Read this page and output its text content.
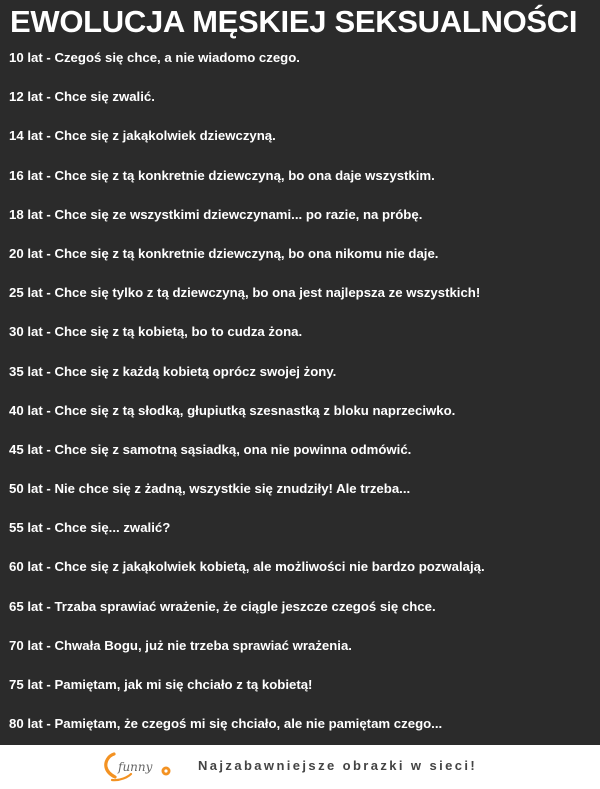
EWOLUCJA MĘSKIEJ SEKSUALNOŚCI
10 lat - Czegoś się chce, a nie wiadomo czego.
12 lat - Chce się zwalić.
14 lat - Chce się z jakąkolwiek dziewczyną.
16 lat - Chce się z tą konkretnie dziewczyną, bo ona daje wszystkim.
18 lat - Chce się ze wszystkimi dziewczynami... po razie, na próbę.
20 lat - Chce się z tą konkretnie dziewczyną, bo ona nikomu nie daje.
25 lat - Chce się tylko z tą dziewczyną, bo ona jest najlepsza ze wszystkich!
30 lat - Chce się z tą kobietą, bo to cudza żona.
35 lat - Chce się z każdą kobietą oprócz swojej żony.
40 lat - Chce się z tą słodką, głupiutką szesnastką z bloku naprzeciwko.
45 lat - Chce się z samotną sąsiadką, ona nie powinna odmówić.
50 lat - Nie chce się z żadną, wszystkie się znudziły! Ale trzeba...
55 lat - Chce się... zwalić?
60 lat - Chce się z jakąkolwiek kobietą, ale możliwości nie bardzo pozwalają.
65 lat - Trzaba sprawiać wrażenie, że ciągle jeszcze czegoś się chce.
70 lat - Chwała Bogu, już nie trzeba sprawiać wrażenia.
75 lat - Pamiętam, jak mi się chciało z tą kobietą!
80 lat - Pamiętam, że czegoś mi się chciało, ale nie pamiętam czego...
funny	Najzabawniejsze obrazki w sieci!
